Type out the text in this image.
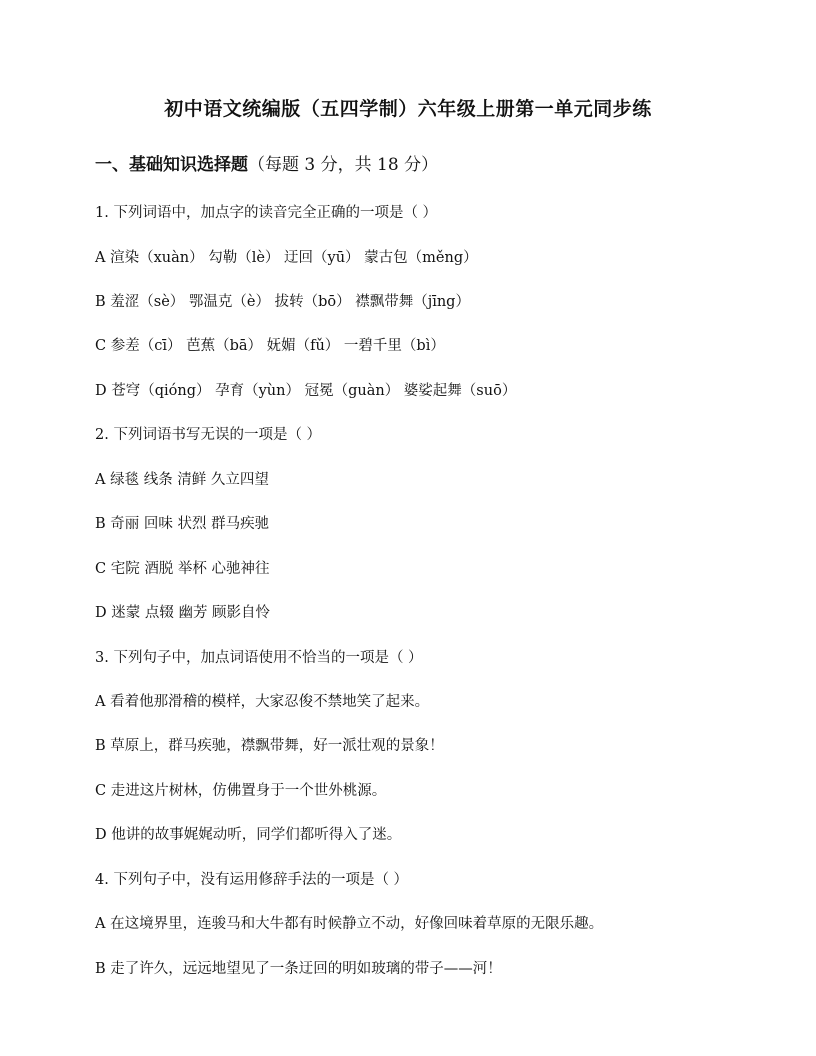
初中语文统编版（五四学制）六年级上册第一单元同步练
一、基础知识选择题（每题 3 分，共 18 分）
1. 下列词语中，加点字的读音完全正确的一项是（ ）
A 渲染（xuàn） 勾勒（lè） 迂回（yū） 蒙古包（měng）
B 羞涩（sè） 鄂温克（è） 拔转（bō） 襟飘带舞（jīng）
C 参差（cī） 芭蕉（bā） 妩媚（fǔ） 一碧千里（bì）
D 苍穹（qióng） 孕育（yùn） 冠冕（guàn） 婆娑起舞（suō）
2. 下列词语书写无误的一项是（ ）
A 绿毯 线条 清鲜 久立四望
B 奇丽 回味 状烈 群马疾驰
C 宅院 酒脱 举杯 心驰神往
D 迷蒙 点辍 幽芳 顾影自怜
3. 下列句子中，加点词语使用不恰当的一项是（ ）
A 看着他那滑稽的模样，大家忍俊不禁地笑了起来。
B 草原上，群马疾驰，襟飘带舞，好一派壮观的景象！
C 走进这片树林，仿佛置身于一个世外桃源。
D 他讲的故事娓娓动听，同学们都听得入了迷。
4. 下列句子中，没有运用修辞手法的一项是（ ）
A 在这境界里，连骏马和大牛都有时候静立不动，好像回味着草原的无限乐趣。
B 走了许久，远远地望见了一条迂回的明如玻璃的带子——河！
